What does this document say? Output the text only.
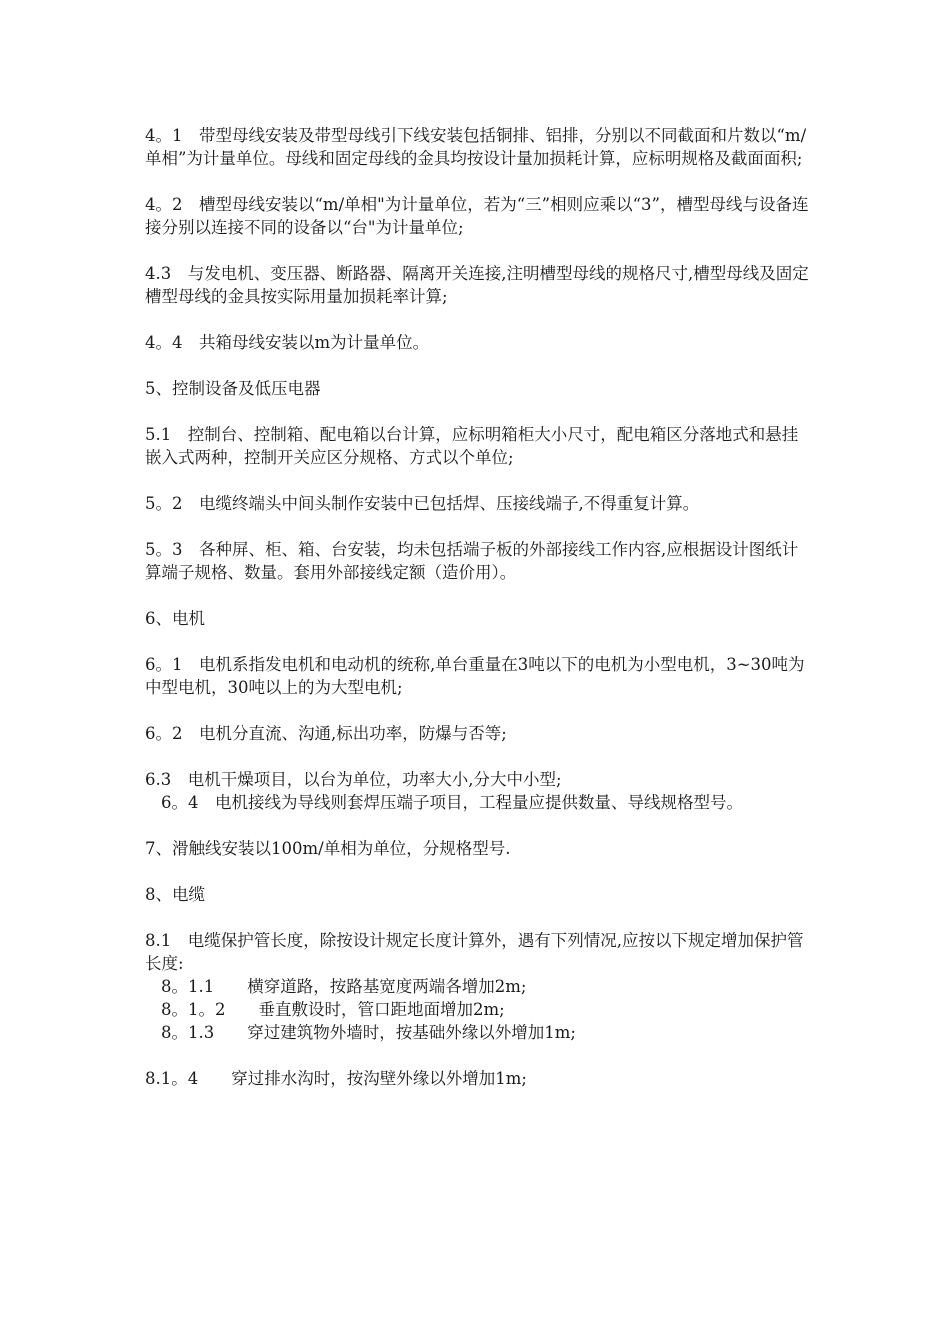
4。1　带型母线安装及带型母线引下线安装包括铜排、铝排，分别以不同截面和片数以“m/单相”为计量单位。母线和固定母线的金具均按设计量加损耗计算，应标明规格及截面面积;

4。2　槽型母线安装以“m/单相"为计量单位，若为“三”相则应乘以“3”，槽型母线与设备连接分别以连接不同的设备以“台"为计量单位;

4.3　与发电机、变压器、断路器、隔离开关连接,注明槽型母线的规格尺寸,槽型母线及固定槽型母线的金具按实际用量加损耗率计算;

4。4　共箱母线安装以m为计量单位。

5、控制设备及低压电器

5.1　控制台、控制箱、配电箱以台计算，应标明箱柜大小尺寸，配电箱区分落地式和悬挂嵌入式两种，控制开关应区分规格、方式以个单位;

5。2　电缆终端头中间头制作安装中已包括焊、压接线端子,不得重复计算。

5。3　各种屏、柜、箱、台安装，均未包括端子板的外部接线工作内容,应根据设计图纸计算端子规格、数量。套用外部接线定额（造价用）。

6、电机

6。1　电机系指发电机和电动机的统称,单台重量在3吨以下的电机为小型电机，3~30吨为中型电机，30吨以上的为大型电机;

6。2　电机分直流、沟通,标出功率，防爆与否等;

6.3　电机干燥项目，以台为单位，功率大小,分大中小型;

6。4　电机接线为导线则套焊压端子项目，工程量应提供数量、导线规格型号。

7、滑触线安装以100m/单相为单位，分规格型号.

8、电缆

8.1　电缆保护管长度，除按设计规定长度计算外，遇有下列情况,应按以下规定增加保护管长度:

8。1.1　　横穿道路，按路基宽度两端各增加2m;

8。1。2　　垂直敷设时，管口距地面增加2m;

8。1.3　　穿过建筑物外墙时，按基础外缘以外增加1m;

8.1。4　　穿过排水沟时，按沟壁外缘以外增加1m;
